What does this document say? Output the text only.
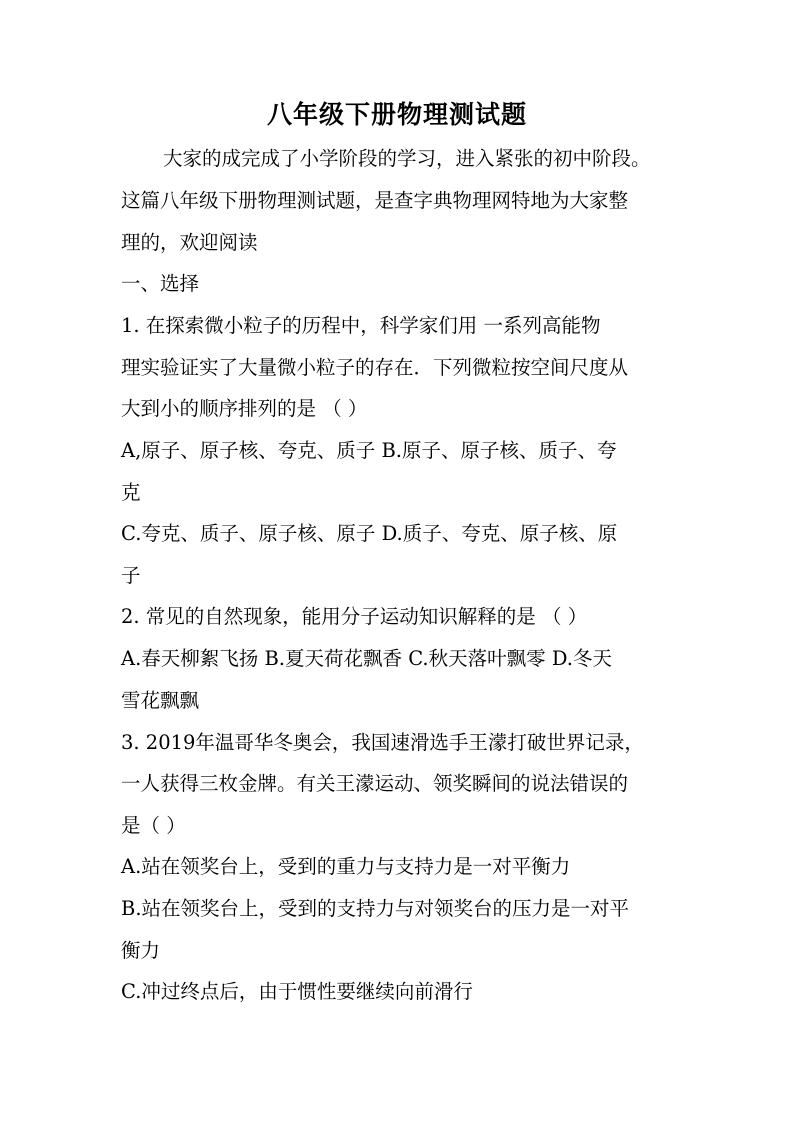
八年级下册物理测试题
大家的成完成了小学阶段的学习，进入紧张的初中阶段。
这篇八年级下册物理测试题，是查字典物理网特地为大家整
理的，欢迎阅读
一、选择
1. 在探索微小粒子的历程中，科学家们用 一系列高能物
理实验证实了大量微小粒子的存在．下列微粒按空间尺度从
大到小的顺序排列的是 （ ）
A,原子、原子核、夸克、质子 B.原子、原子核、质子、夸
克
C.夸克、质子、原子核、原子 D.质子、夸克、原子核、原
子
2. 常见的自然现象，能用分子运动知识解释的是 （ ）
A.春天柳絮飞扬 B.夏天荷花飘香 C.秋天落叶飘零 D.冬天
雪花飘飘
3. 2019年温哥华冬奥会，我国速滑选手王濛打破世界记录，
一人获得三枚金牌。有关王濛运动、领奖瞬间的说法错误的
是（ ）
A.站在领奖台上，受到的重力与支持力是一对平衡力
B.站在领奖台上，受到的支持力与对领奖台的压力是一对平
衡力
C.冲过终点后，由于惯性要继续向前滑行
